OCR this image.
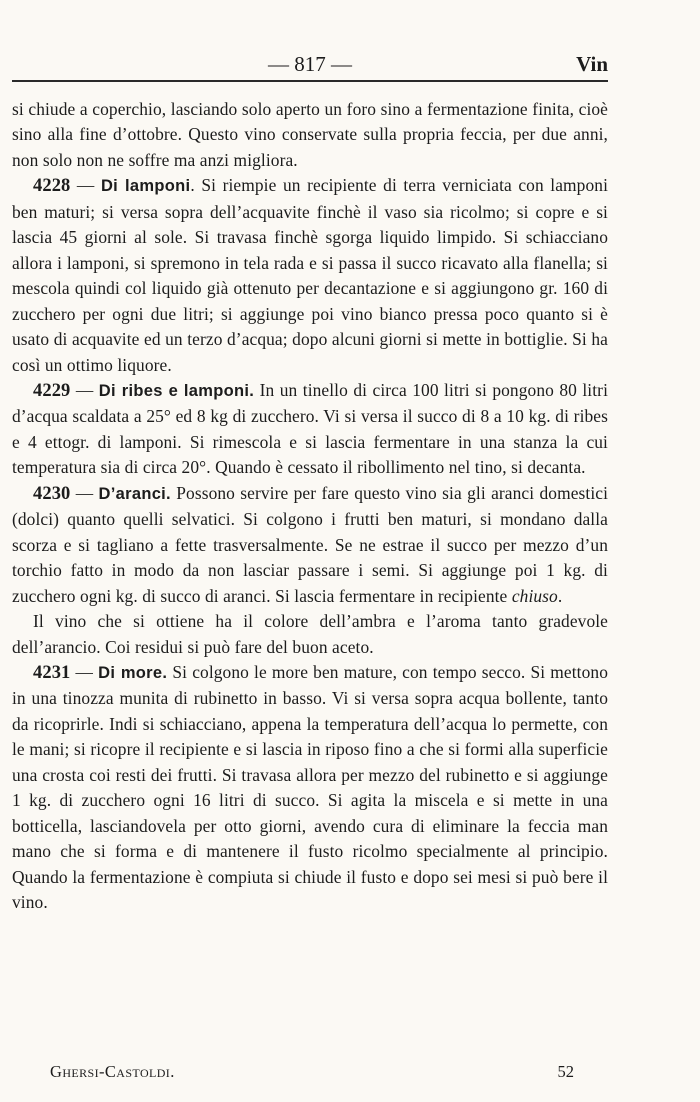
— 817 —	Vin

si chiude a coperchio, lasciando solo aperto un foro sino a fermentazione finita, cioè sino alla fine d’ottobre. Questo vino conservate sulla propria feccia, per due anni, non solo non ne soffre ma anzi migliora.

4228 — Di lamponi. Si riempie un recipiente di terra verniciata con lamponi ben maturi; si versa sopra dell’acquavite finchè il vaso sia ricolmo; si copre e si lascia 45 giorni al sole. Si travasa finchè sgorga liquido limpido. Si schiacciano allora i lamponi, si spremono in tela rada e si passa il succo ricavato alla flanella; si mescola quindi col liquido già ottenuto per decantazione e si aggiungono gr. 160 di zucchero per ogni due litri; si aggiunge poi vino bianco pressa poco quanto si è usato di acquavite ed un terzo d’acqua; dopo alcuni giorni si mette in bottiglie. Si ha così un ottimo liquore.

4229 — Di ribes e lamponi. In un tinello di circa 100 litri si pongono 80 litri d’acqua scaldata a 25° ed 8 kg di zucchero. Vi si versa il succo di 8 a 10 kg. di ribes e 4 ettogr. di lamponi. Si rimescola e si lascia fermentare in una stanza la cui temperatura sia di circa 20°. Quando è cessato il ribollimento nel tino, si decanta.

4230 — D’aranci. Possono servire per fare questo vino sia gli aranci domestici (dolci) quanto quelli selvatici. Si colgono i frutti ben maturi, si mondano dalla scorza e si tagliano a fette trasversalmente. Se ne estrae il succo per mezzo d’un torchio fatto in modo da non lasciar passare i semi. Si aggiunge poi 1 kg. di zucchero ogni kg. di succo di aranci. Si lascia fermentare in recipiente chiuso.

Il vino che si ottiene ha il colore dell’ambra e l’aroma tanto gradevole dell’arancio. Coi residui si può fare del buon aceto.

4231 — Di more. Si colgono le more ben mature, con tempo secco. Si mettono in una tinozza munita di rubinetto in basso. Vi si versa sopra acqua bollente, tanto da ricoprirle. Indi si schiacciano, appena la temperatura dell’acqua lo permette, con le mani; si ricopre il recipiente e si lascia in riposo fino a che si formi alla superficie una crosta coi resti dei frutti. Si travasa allora per mezzo del rubinetto e si aggiunge 1 kg. di zucchero ogni 16 litri di succo. Si agita la miscela e si mette in una botticella, lasciandovela per otto giorni, avendo cura di eliminare la feccia man mano che si forma e di mantenere il fusto ricolmo specialmente al principio. Quando la fermentazione è compiuta si chiude il fusto e dopo sei mesi si può bere il vino.

Ghersi-Castoldi.	52
